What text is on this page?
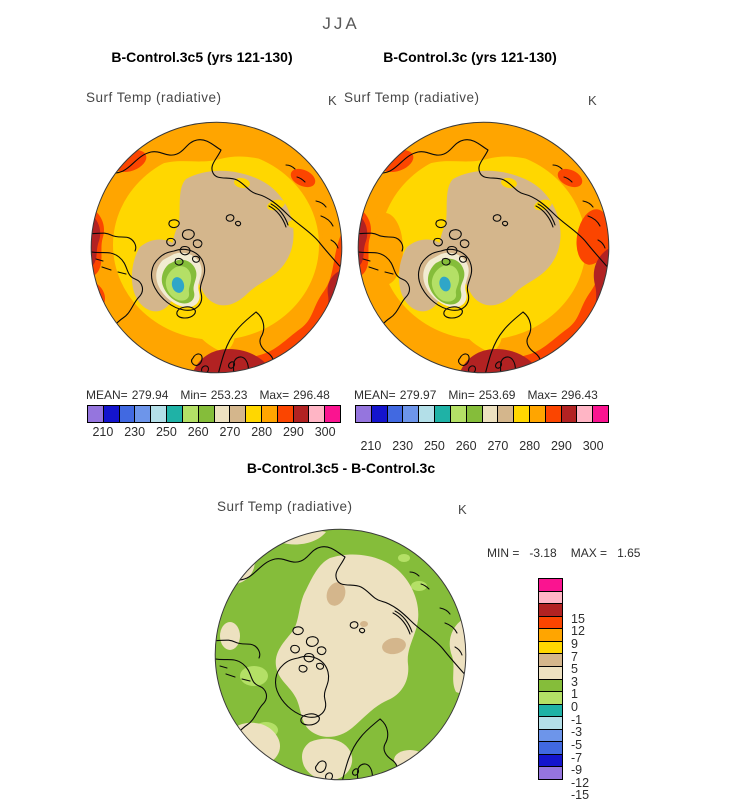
JJA
B-Control.3c5 (yrs 121-130)	B-Control.3c (yrs 121-130)
Surf Temp (radiative)	K Surf Temp (radiative)	K
MEAN= 279.94 Min= 253.23 Max= 296.48	MEAN= 279.97 Min= 253.69 Max= 296.43
210 230 250 260 270 280 290 300
210 230 250 260 270 280 290 300
B-Control.3c5 - B-Control.3c
Surf Temp (radiative)	K
MIN = -3.18 MAX = 1.65
15
12
9
7
5
3
1
0
-1
-3
-5
-7
-9
-12
-15
